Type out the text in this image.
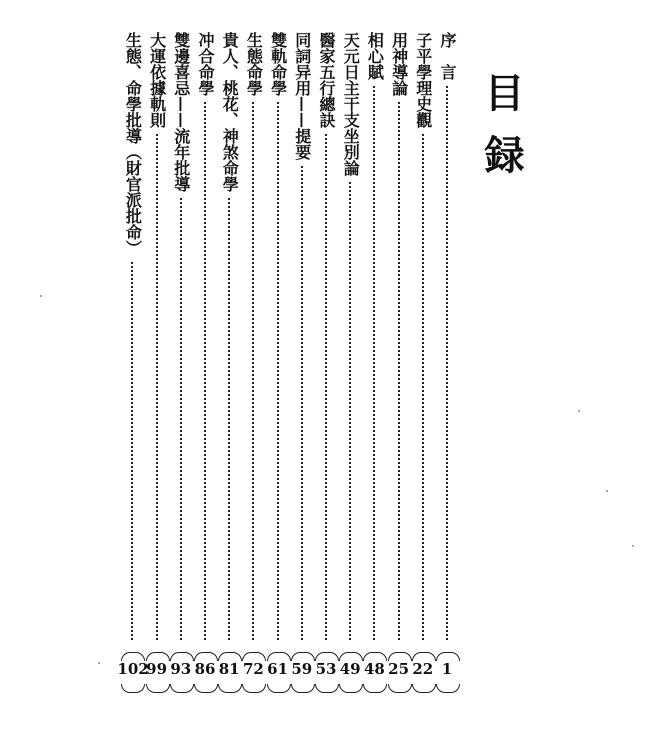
目録
序　言
1
子平學理史觀
22
用神導論
25
相心賦
48
天元日主干支坐別論
49
醫家五行總訣
53
同詞异用——提要
59
雙軌命學
61
生態命學
72
貴人、桃花、神煞命學
81
冲合命學
86
雙邊喜忌——流年批導
93
大運依據軌則
99
生態、命學批導（財官派批命）
102
